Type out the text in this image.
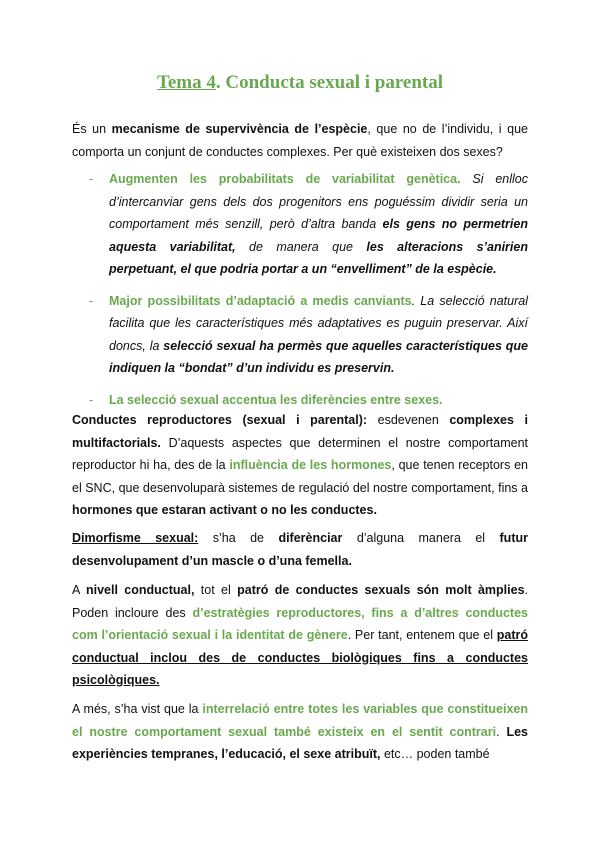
Tema 4. Conducta sexual i parental

És un mecanisme de supervivència de l’espècie, que no de l’individu, i que comporta un conjunt de conductes complexes. Per què existeixen dos sexes?

- Augmenten les probabilitats de variabilitat genètica. Si enlloc d’intercanviar gens dels dos progenitors ens poguéssim dividir seria un comportament més senzill, però d’altra banda els gens no permetrien aquesta variabilitat, de manera que les alteracions s’anirien perpetuant, el que podria portar a un “envelliment” de la espècie.
- Major possibilitats d’adaptació a medis canviants. La selecció natural facilita que les característiques més adaptatives es puguin preservar. Així doncs, la selecció sexual ha permès que aquelles característiques que indiquen la “bondat” d’un individu es preservin.
- La selecció sexual accentua les diferències entre sexes.

Conductes reproductores (sexual i parental): esdevenen complexes i multifactorials. D’aquests aspectes que determinen el nostre comportament reproductor hi ha, des de la influència de les hormones, que tenen receptors en el SNC, que desenvoluparà sistemes de regulació del nostre comportament, fins a hormones que estaran activant o no les conductes.

Dimorfisme sexual: s’ha de diferènciar d’alguna manera el futur desenvolupament d’un mascle o d’una femella.

A nivell conductual, tot el patró de conductes sexuals són molt àmplies. Poden incloure des d’estratègies reproductores, fins a d’altres conductes com l’orientació sexual i la identitat de gènere. Per tant, entenem que el patró conductual inclou des de conductes biològiques fins a conductes psicològiques.

A més, s’ha vist que la interrelació entre totes les variables que constitueixen el nostre comportament sexual també existeix en el sentit contrari. Les experiències tempranes, l’educació, el sexe atribuït, etc… poden també
